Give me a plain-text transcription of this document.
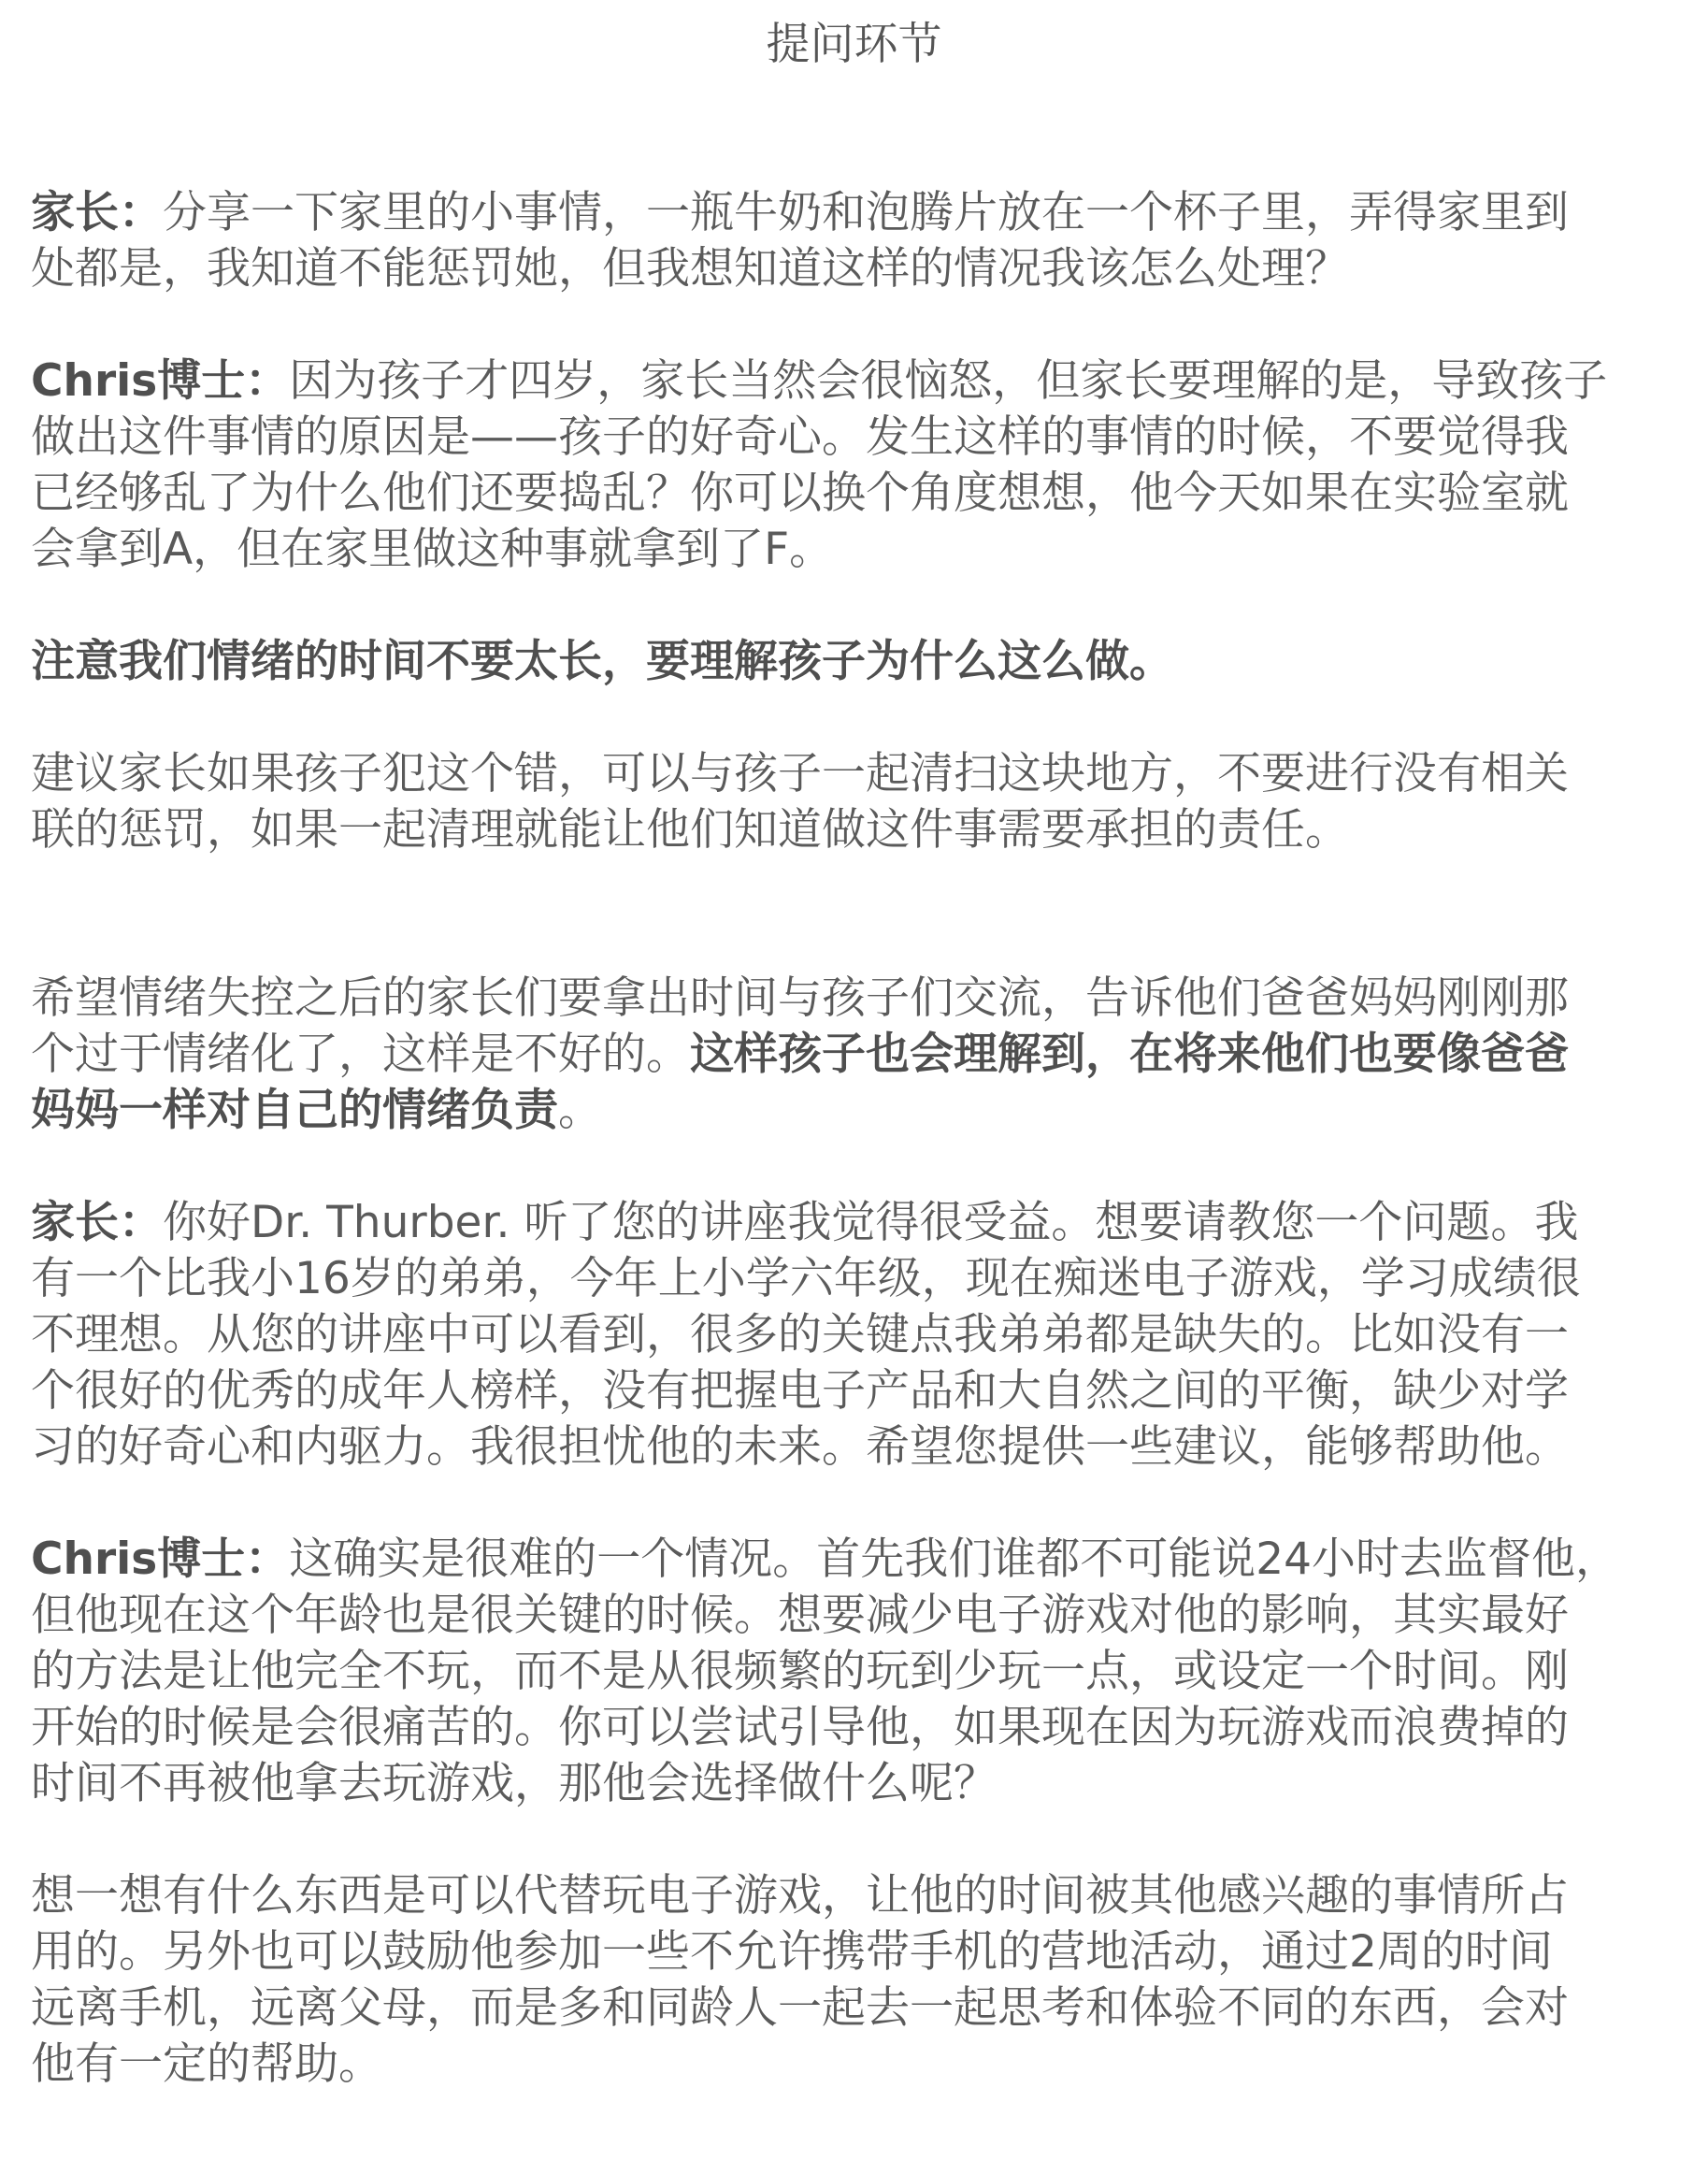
提问环节
家长：分享一下家里的小事情，一瓶牛奶和泡腾片放在一个杯子里，弄得家里到
处都是，我知道不能惩罚她，但我想知道这样的情况我该怎么处理？
Chris博士：因为孩子才四岁，家长当然会很恼怒，但家长要理解的是，导致孩子
做出这件事情的原因是——孩子的好奇心。发生这样的事情的时候，不要觉得我
已经够乱了为什么他们还要捣乱？你可以换个角度想想，他今天如果在实验室就
会拿到A，但在家里做这种事就拿到了F。
注意我们情绪的时间不要太长，要理解孩子为什么这么做。
建议家长如果孩子犯这个错，可以与孩子一起清扫这块地方，不要进行没有相关
联的惩罚，如果一起清理就能让他们知道做这件事需要承担的责任。
希望情绪失控之后的家长们要拿出时间与孩子们交流，告诉他们爸爸妈妈刚刚那
个过于情绪化了，这样是不好的。这样孩子也会理解到，在将来他们也要像爸爸
妈妈一样对自己的情绪负责。
家长：你好Dr. Thurber. 听了您的讲座我觉得很受益。想要请教您一个问题。我
有一个比我小16岁的弟弟，今年上小学六年级，现在痴迷电子游戏，学习成绩很
不理想。从您的讲座中可以看到，很多的关键点我弟弟都是缺失的。比如没有一
个很好的优秀的成年人榜样，没有把握电子产品和大自然之间的平衡，缺少对学
习的好奇心和内驱力。我很担忧他的未来。希望您提供一些建议，能够帮助他。
Chris博士：这确实是很难的一个情况。首先我们谁都不可能说24小时去监督他，
但他现在这个年龄也是很关键的时候。想要减少电子游戏对他的影响，其实最好
的方法是让他完全不玩，而不是从很频繁的玩到少玩一点，或设定一个时间。刚
开始的时候是会很痛苦的。你可以尝试引导他，如果现在因为玩游戏而浪费掉的
时间不再被他拿去玩游戏，那他会选择做什么呢？
想一想有什么东西是可以代替玩电子游戏，让他的时间被其他感兴趣的事情所占
用的。另外也可以鼓励他参加一些不允许携带手机的营地活动，通过2周的时间
远离手机，远离父母，而是多和同龄人一起去一起思考和体验不同的东西，会对
他有一定的帮助。
